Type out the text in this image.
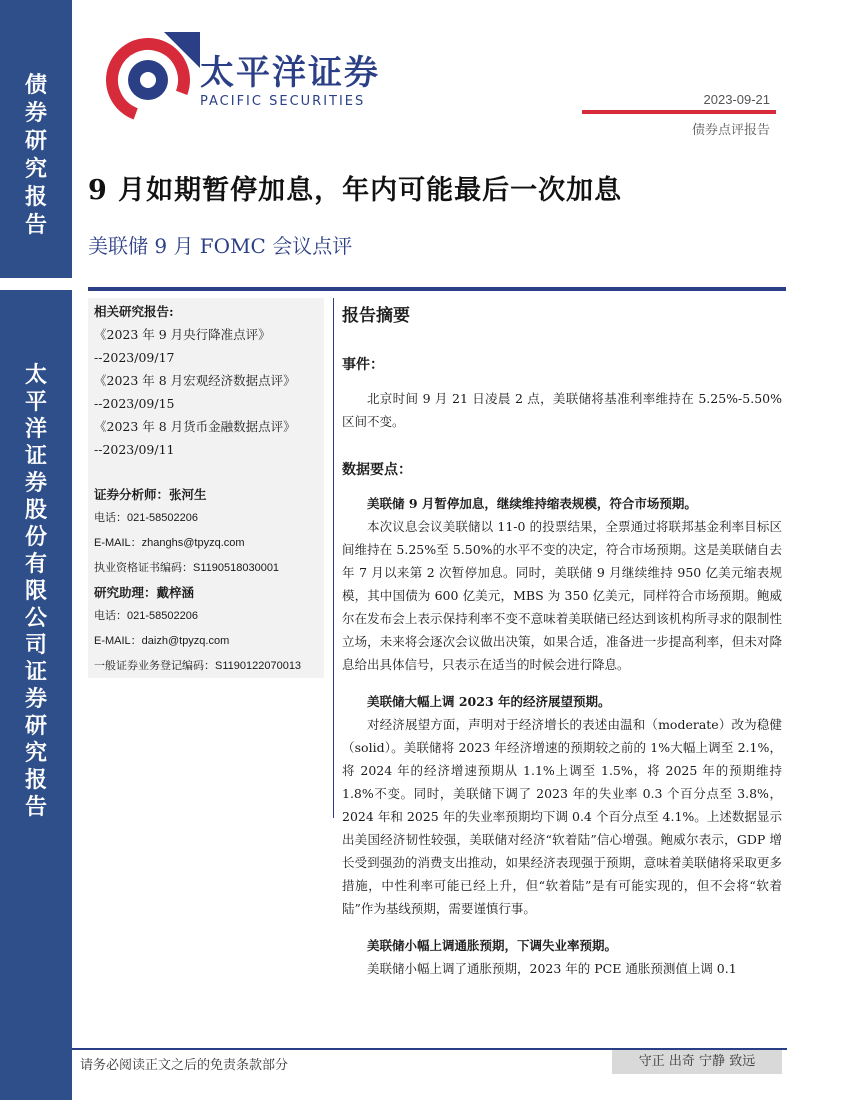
债
券
研
究
报
告
太
平
洋
证
券
股
份
有
限
公
司
证
券
研
究
报
告
太平洋证券
PACIFIC SECURITIES	2023-09-21
债券点评报告
9 月如期暂停加息，年内可能最后一次加息
美联储 9 月 FOMC 会议点评
相关研究报告:
《2023 年 9 月央行降准点评》
--2023/09/17
《2023 年 8 月宏观经济数据点评》
--2023/09/15
《2023 年 8 月货币金融数据点评》
--2023/09/11
证券分析师：张河生
电话：021-58502206
E-MAIL：zhanghs@tpyzq.com
执业资格证书编码：S1190518030001
研究助理：戴梓涵
电话：021-58502206
E-MAIL：daizh@tpyzq.com
一般证券业务登记编码：S1190122070013
报告摘要
事件：

北京时间 9 月 21 日凌晨 2 点，美联储将基准利率维持在 5.25%-5.50%区间不变。

数据要点：

美联储 9 月暂停加息，继续维持缩表规模，符合市场预期。

本次议息会议美联储以 11-0 的投票结果，全票通过将联邦基金利率目标区间维持在 5.25%至 5.50%的水平不变的决定，符合市场预期。这是美联储自去年 7 月以来第 2 次暂停加息。同时，美联储 9 月继续维持 950 亿美元缩表规模，其中国债为 600 亿美元，MBS 为 350 亿美元，同样符合市场预期。鲍威尔在发布会上表示保持利率不变不意味着美联储已经达到该机构所寻求的限制性立场，未来将会逐次会议做出决策，如果合适，准备进一步提高利率，但未对降息给出具体信号，只表示在适当的时候会进行降息。

美联储大幅上调 2023 年的经济展望预期。

对经济展望方面，声明对于经济增长的表述由温和（moderate）改为稳健（solid）。美联储将 2023 年经济增速的预期较之前的 1%大幅上调至 2.1%，将 2024 年的经济增速预期从 1.1%上调至 1.5%，将 2025 年的预期维持 1.8%不变。同时，美联储下调了 2023 年的失业率 0.3 个百分点至 3.8%，2024 年和 2025 年的失业率预期均下调 0.4 个百分点至 4.1%。上述数据显示出美国经济韧性较强，美联储对经济“软着陆”信心增强。鲍威尔表示，GDP 增长受到强劲的消费支出推动，如果经济表现强于预期，意味着美联储将采取更多措施，中性利率可能已经上升，但“软着陆”是有可能实现的，但不会将“软着陆”作为基线预期，需要谨慎行事。

美联储小幅上调通胀预期，下调失业率预期。

美联储小幅上调了通胀预期，2023 年的 PCE 通胀预测值上调 0.1

请务必阅读正文之后的免责条款部分	守正 出奇 宁静 致远
